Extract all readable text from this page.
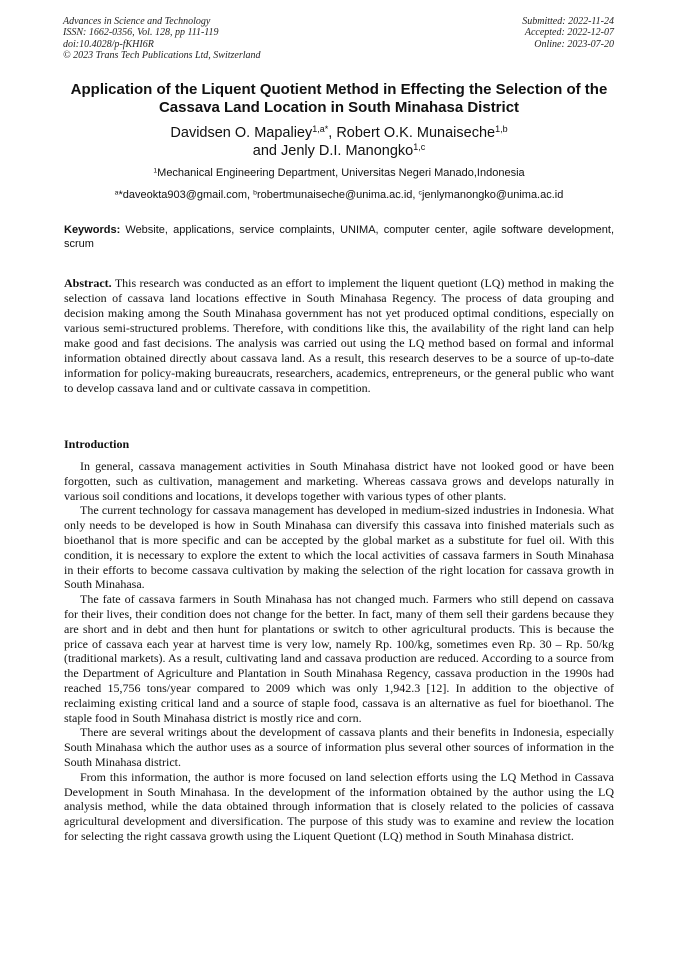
Advances in Science and Technology
ISSN: 1662-0356, Vol. 128, pp 111-119
doi:10.4028/p-fKHI6R
© 2023 Trans Tech Publications Ltd, Switzerland
Submitted: 2022-11-24
Accepted: 2022-12-07
Online: 2023-07-20
Application of the Liquent Quotient Method in Effecting the Selection of the Cassava Land Location in South Minahasa District
Davidsen O. Mapaliey$^{1,a*}$, Robert O.K. Munaiseche$^{1,b}$
and Jenly D.I. Manongko$^{1,c}$
$^1$Mechanical Engineering Department, Universitas Negeri Manado,Indonesia
$^a$*daveokta903@gmail.com, $^b$robertmunaiseche@unima.ac.id, $^c$jenlymanongko@unima.ac.id
Keywords: Website, applications, service complaints, UNIMA, computer center, agile software development, scrum
Abstract. This research was conducted as an effort to implement the liquent quetiont (LQ) method in making the selection of cassava land locations effective in South Minahasa Regency. The process of data grouping and decision making among the South Minahasa government has not yet produced optimal conditions, especially on various semi-structured problems. Therefore, with conditions like this, the availability of the right land can help make good and fast decisions. The analysis was carried out using the LQ method based on formal and informal information obtained directly about cassava land. As a result, this research deserves to be a source of up-to-date information for policy-making bureaucrats, researchers, academics, entrepreneurs, or the general public who want to develop cassava land and or cultivate cassava in competition.
Introduction

In general, cassava management activities in South Minahasa district have not looked good or have been forgotten, such as cultivation, management and marketing. Whereas cassava grows and develops naturally in various soil conditions and locations, it develops together with various types of other plants.

The current technology for cassava management has developed in medium-sized industries in Indonesia. What only needs to be developed is how in South Minahasa can diversify this cassava into finished materials such as bioethanol that is more specific and can be accepted by the global market as a substitute for fuel oil. With this condition, it is necessary to explore the extent to which the local activities of cassava farmers in South Minahasa in their efforts to become cassava cultivation by making the selection of the right location for cassava growth in South Minahasa.

The fate of cassava farmers in South Minahasa has not changed much. Farmers who still depend on cassava for their lives, their condition does not change for the better. In fact, many of them sell their gardens because they are short and in debt and then hunt for plantations or switch to other agricultural products. This is because the price of cassava each year at harvest time is very low, namely Rp. 100/kg, sometimes even Rp. 30 – Rp. 50/kg (traditional markets). As a result, cultivating land and cassava production are reduced. According to a source from the Department of Agriculture and Plantation in South Minahasa Regency, cassava production in the 1990s had reached 15,756 tons/year compared to 2009 which was only 1,942.3 [12]. In addition to the objective of reclaiming existing critical land and a source of staple food, cassava is an alternative as fuel for bioethanol. The staple food in South Minahasa district is mostly rice and corn.

There are several writings about the development of cassava plants and their benefits in Indonesia, especially South Minahasa which the author uses as a source of information plus several other sources of information in the South Minahasa district.

From this information, the author is more focused on land selection efforts using the LQ Method in Cassava Development in South Minahasa. In the development of the information obtained by the author using the LQ analysis method, while the data obtained through information that is closely related to the policies of cassava agricultural development and diversification. The purpose of this study was to examine and review the location for selecting the right cassava growth using the Liquent Quetiont (LQ) method in South Minahasa district.
